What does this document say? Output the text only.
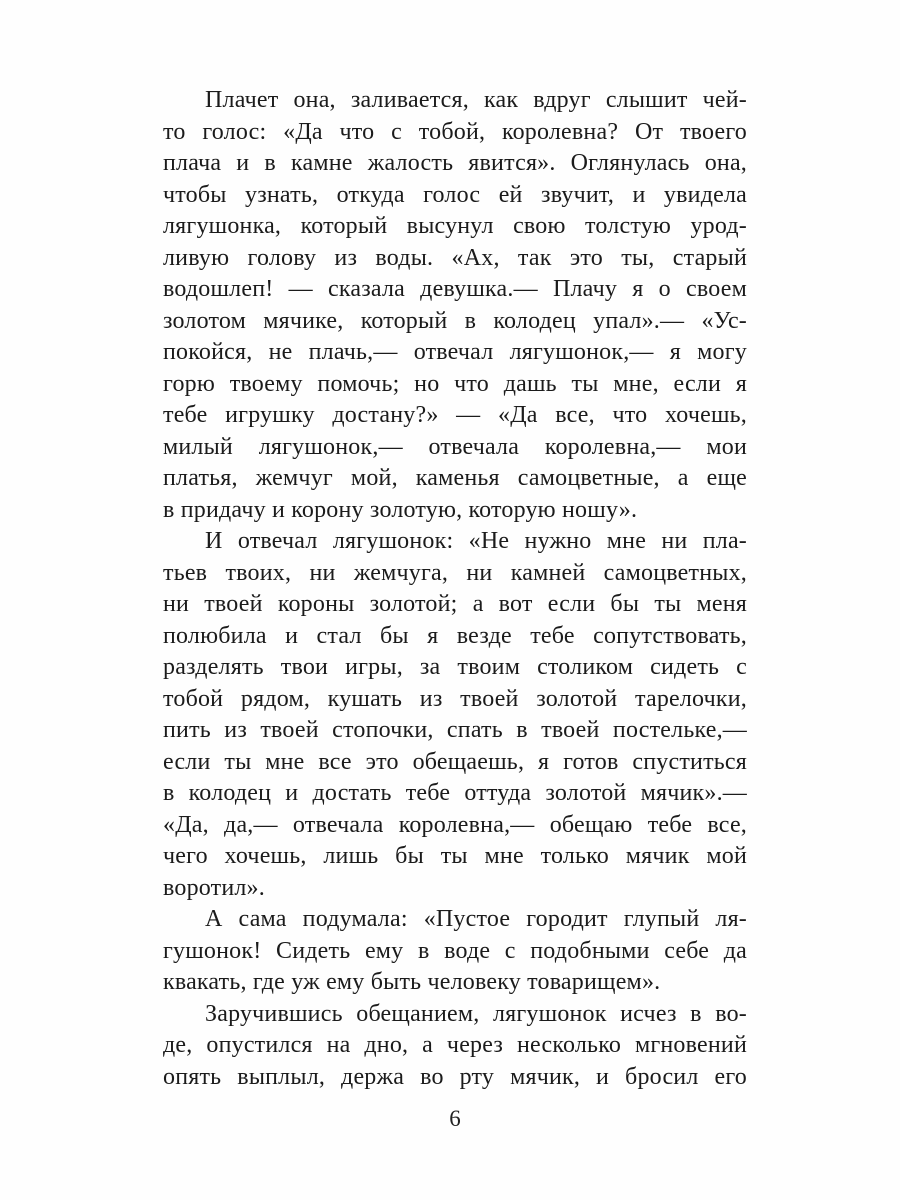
Плачет она, заливается, как вдруг слышит чей-
то голос: «Да что с тобой, королевна? От твоего
плача и в камне жалость явится». Оглянулась она,
чтобы узнать, откуда голос ей звучит, и увидела
лягушонка, который высунул свою толстую урод-
ливую голову из воды. «Ах, так это ты, старый
водошлеп! — сказала девушка.— Плачу я о своем
золотом мячике, который в колодец упал».— «Ус-
покойся, не плачь,— отвечал лягушонок,— я могу
горю твоему помочь; но что дашь ты мне, если я
тебе игрушку достану?» — «Да все, что хочешь,
милый лягушонок,— отвечала королевна,— мои
платья, жемчуг мой, каменья самоцветные, а еще
в придачу и корону золотую, которую ношу».
И отвечал лягушонок: «Не нужно мне ни пла-
тьев твоих, ни жемчуга, ни камней самоцветных,
ни твоей короны золотой; а вот если бы ты меня
полюбила и стал бы я везде тебе сопутствовать,
разделять твои игры, за твоим столиком сидеть с
тобой рядом, кушать из твоей золотой тарелочки,
пить из твоей стопочки, спать в твоей постельке,—
если ты мне все это обещаешь, я готов спуститься
в колодец и достать тебе оттуда золотой мячик».—
«Да, да,— отвечала королевна,— обещаю тебе все,
чего хочешь, лишь бы ты мне только мячик мой
воротил».
А сама подумала: «Пустое городит глупый ля-
гушонок! Сидеть ему в воде с подобными себе да
квакать, где уж ему быть человеку товарищем».
Заручившись обещанием, лягушонок исчез в во-
де, опустился на дно, а через несколько мгновений
опять выплыл, держа во рту мячик, и бросил его
6
